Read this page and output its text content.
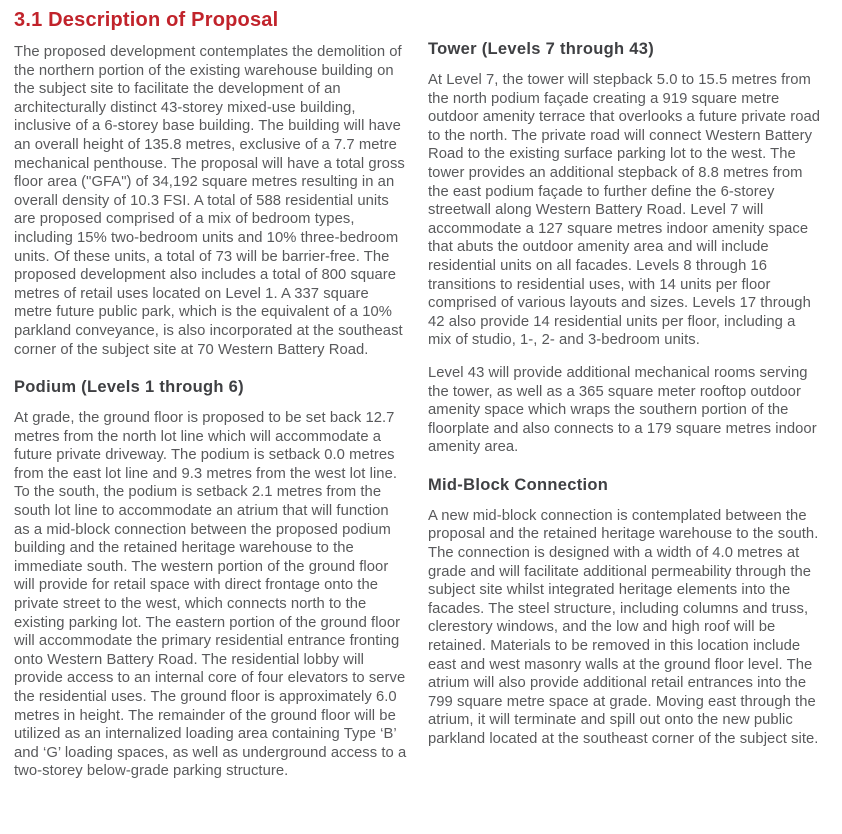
3.1 Description of Proposal

The proposed development contemplates the demolition of the northern portion of the existing warehouse building on the subject site to facilitate the development of an architecturally distinct 43-storey mixed-use building, inclusive of a 6-storey base building. The building will have an overall height of 135.8 metres, exclusive of a 7.7 metre mechanical penthouse. The proposal will have a total gross floor area ("GFA") of 34,192 square metres resulting in an overall density of 10.3 FSI. A total of 588 residential units are proposed comprised of a mix of bedroom types, including 15% two-bedroom units and 10% three-bedroom units. Of these units, a total of 73 will be barrier-free. The proposed development also includes a total of 800 square metres of retail uses located on Level 1. A 337 square metre future public park, which is the equivalent of a 10% parkland conveyance, is also incorporated at the southeast corner of the subject site at 70 Western Battery Road.

Podium (Levels 1 through 6)

At grade, the ground floor is proposed to be set back 12.7 metres from the north lot line which will accommodate a future private driveway. The podium is setback 0.0 metres from the east lot line and 9.3 metres from the west lot line. To the south, the podium is setback 2.1 metres from the south lot line to accommodate an atrium that will function as a mid-block connection between the proposed podium building and the retained heritage warehouse to the immediate south. The western portion of the ground floor will provide for retail space with direct frontage onto the private street to the west, which connects north to the existing parking lot. The eastern portion of the ground floor will accommodate the primary residential entrance fronting onto Western Battery Road. The residential lobby will provide access to an internal core of four elevators to serve the residential uses. The ground floor is approximately 6.0 metres in height. The remainder of the ground floor will be utilized as an internalized loading area containing Type ‘B’ and ‘G’ loading spaces, as well as underground access to a two-storey below-grade parking structure.

Tower (Levels 7 through 43)

At Level 7, the tower will stepback 5.0 to 15.5 metres from the north podium façade creating a 919 square metre outdoor amenity terrace that overlooks a future private road to the north. The private road will connect Western Battery Road to the existing surface parking lot to the west. The tower provides an additional stepback of 8.8 metres from the east podium façade to further define the 6-storey streetwall along Western Battery Road. Level 7 will accommodate a 127 square metres indoor amenity space that abuts the outdoor amenity area and will include residential units on all facades. Levels 8 through 16 transitions to residential uses, with 14 units per floor comprised of various layouts and sizes. Levels 17 through 42 also provide 14 residential units per floor, including a mix of studio, 1-, 2- and 3-bedroom units.

Level 43 will provide additional mechanical rooms serving the tower, as well as a 365 square meter rooftop outdoor amenity space which wraps the southern portion of the floorplate and also connects to a 179 square metres indoor amenity area.

Mid-Block Connection

A new mid-block connection is contemplated between the proposal and the retained heritage warehouse to the south. The connection is designed with a width of 4.0 metres at grade and will facilitate additional permeability through the subject site whilst integrated heritage elements into the facades. The steel structure, including columns and truss, clerestory windows, and the low and high roof will be retained. Materials to be removed in this location include east and west masonry walls at the ground floor level. The atrium will also provide additional retail entrances into the 799 square metre space at grade. Moving east through the atrium, it will terminate and spill out onto the new public parkland located at the southeast corner of the subject site.
